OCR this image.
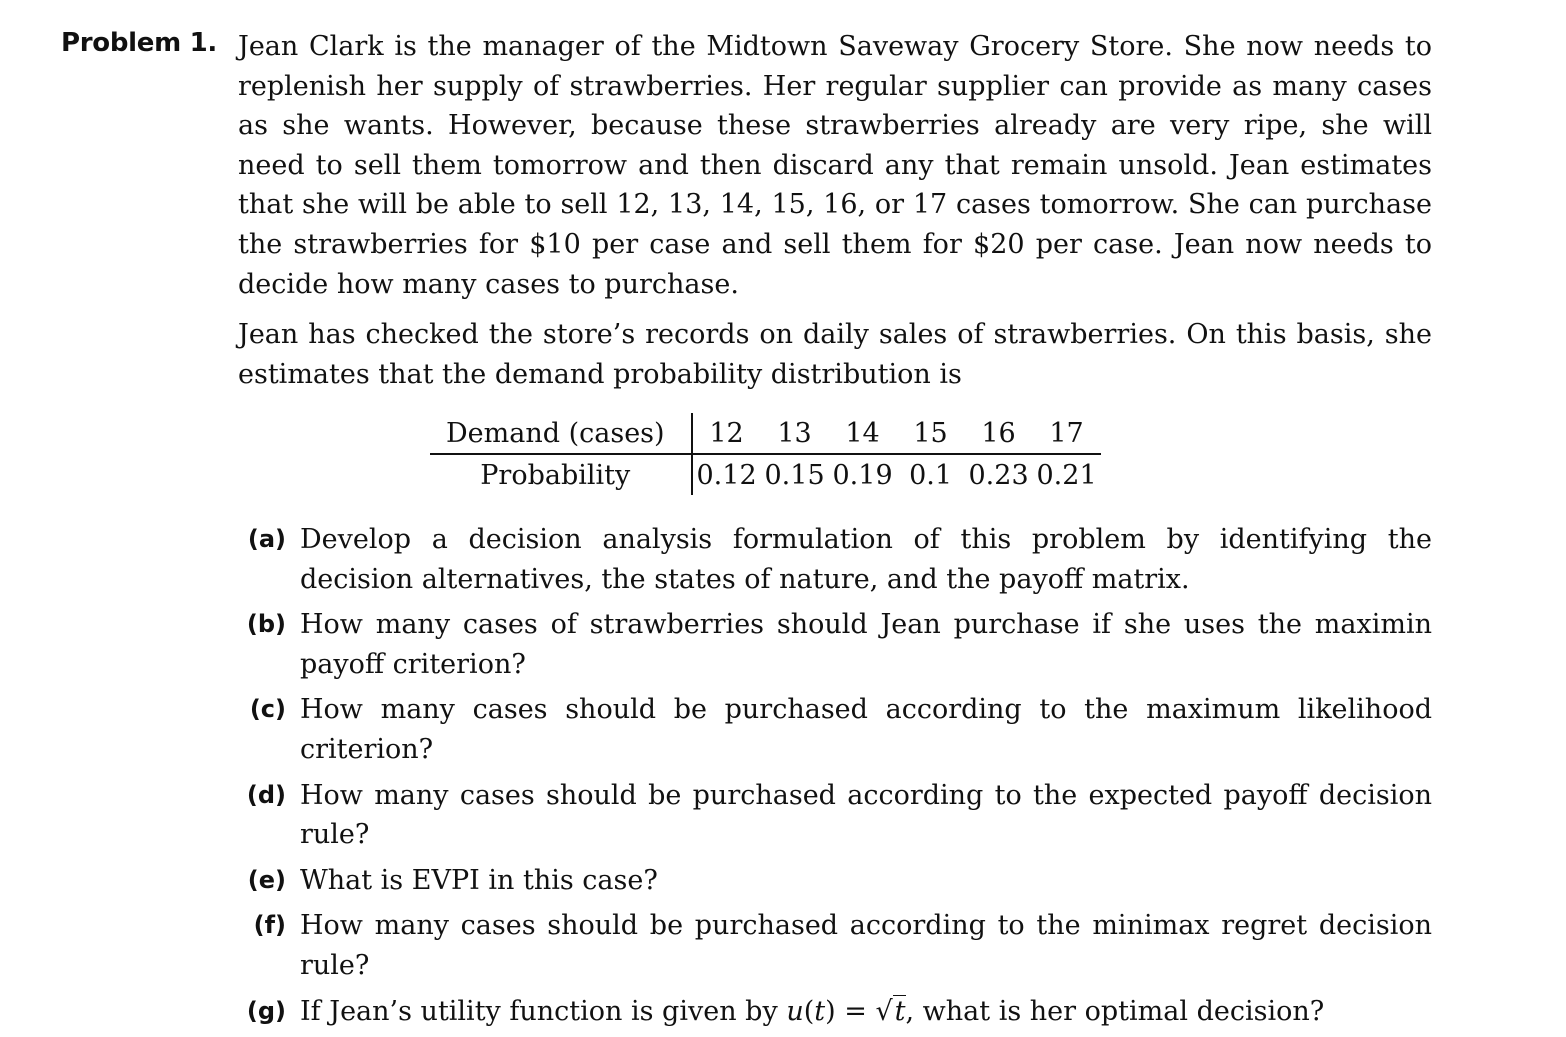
Problem 1. Jean Clark is the manager of the Midtown Saveway Grocery Store. She now needs to replenish her supply of strawberries. Her regular supplier can provide as many cases as she wants. However, because these strawberries already are very ripe, she will need to sell them tomorrow and then discard any that remain unsold. Jean estimates that she will be able to sell 12, 13, 14, 15, 16, or 17 cases tomorrow. She can purchase the strawberries for $10 per case and sell them for $20 per case. Jean now needs to decide how many cases to purchase.

Jean has checked the store’s records on daily sales of strawberries. On this basis, she estimates that the demand probability distribution is

Demand (cases)	12	13	14	15	16	17
Probability	0.12	0.15	0.19	0.1	0.23	0.21
(a) Develop a decision analysis formulation of this problem by identifying the decision alternatives, the states of nature, and the payoff matrix.
(b) How many cases of strawberries should Jean purchase if she uses the maximin payoff criterion?
(c) How many cases should be purchased according to the maximum likelihood criterion?
(d) How many cases should be purchased according to the expected payoff decision rule?
(e) What is EVPI in this case?
(f) How many cases should be purchased according to the minimax regret decision rule?
(g) If Jean’s utility function is given by u(t) = √t, what is her optimal decision?
